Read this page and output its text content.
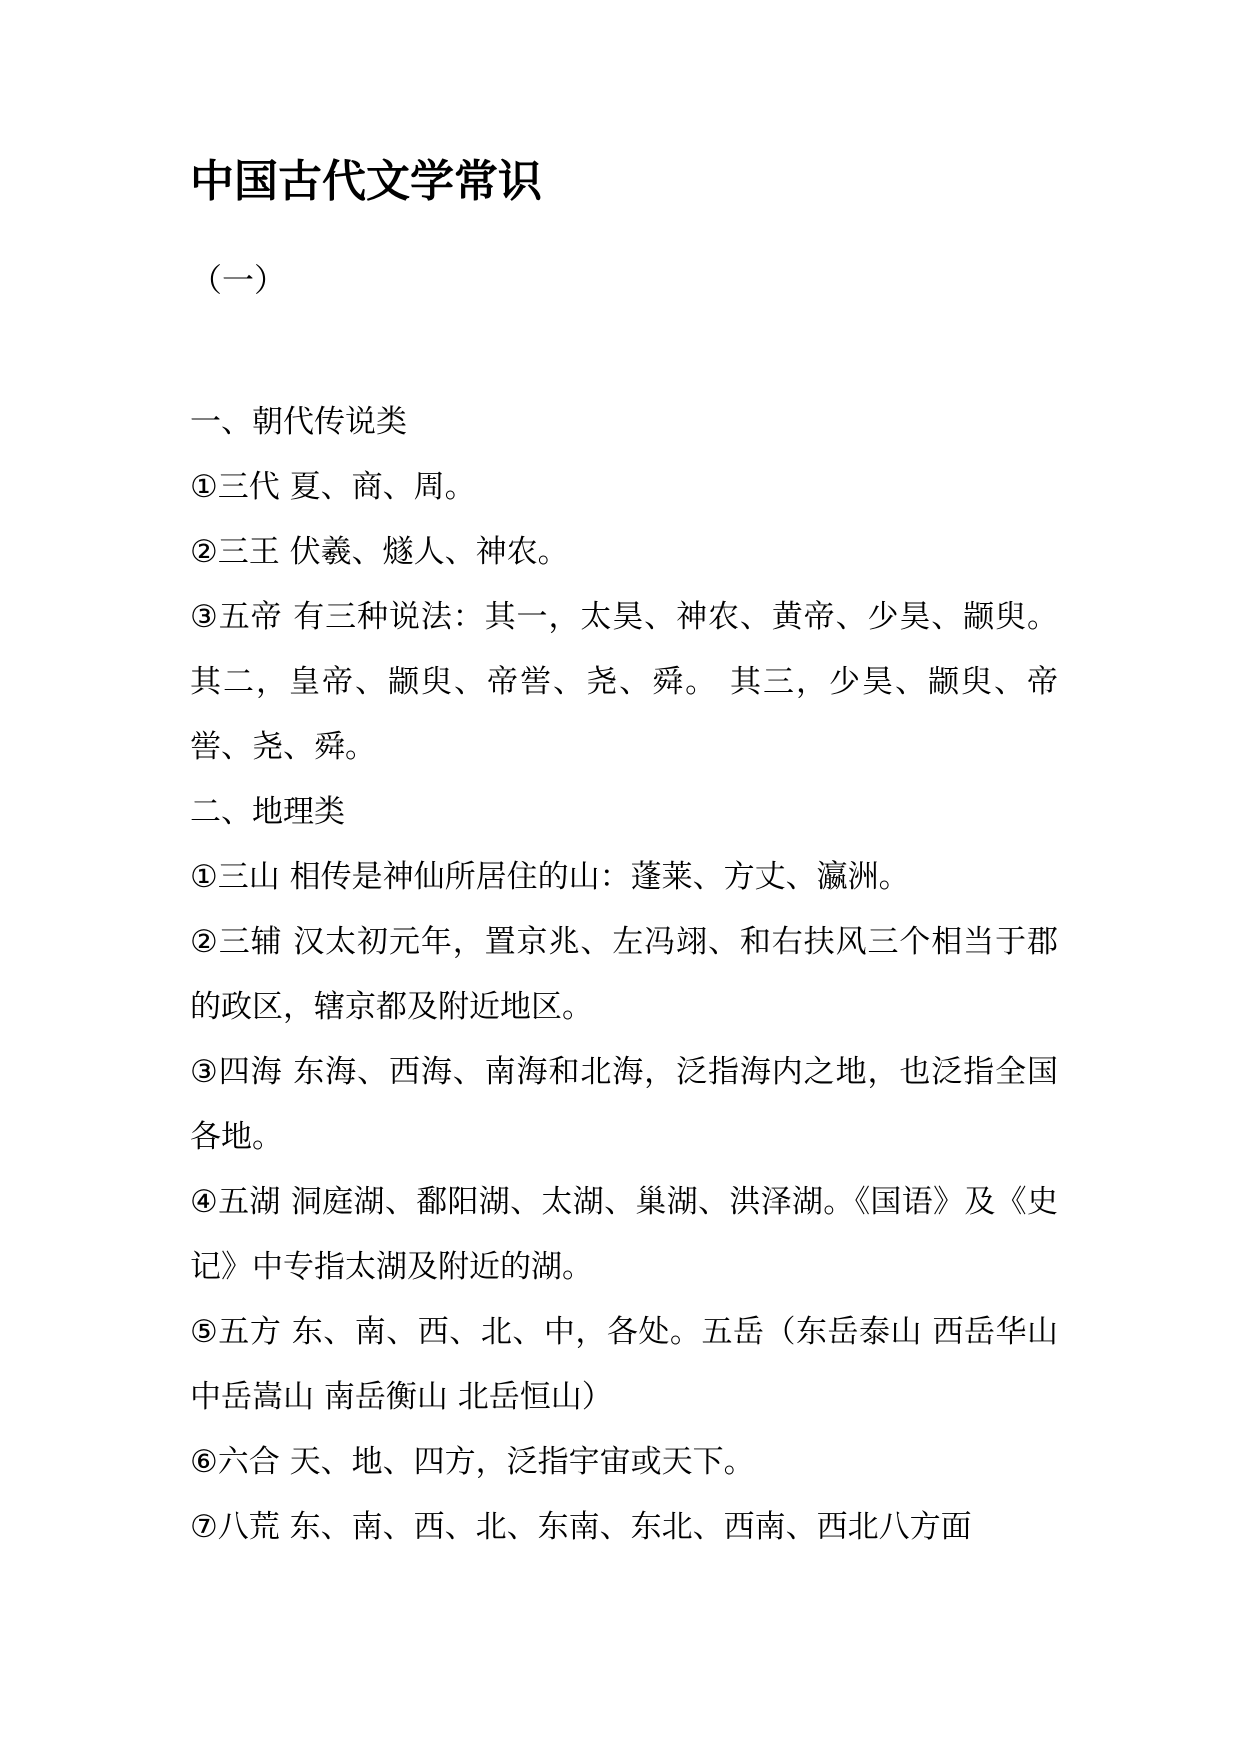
中国古代文学常识
（一）

一、朝代传说类

①三代 夏、商、周。

②三王 伏羲、燧人、神农。

③五帝 有三种说法：其一，太昊、神农、黄帝、少昊、颛臾。 其二，皇帝、颛臾、帝喾、尧、舜。 其三，少昊、颛臾、帝喾、尧、舜。

二、地理类

①三山 相传是神仙所居住的山：蓬莱、方丈、瀛洲。

②三辅 汉太初元年，置京兆、左冯翊、和右扶风三个相当于郡的政区，辖京都及附近地区。

③四海 东海、西海、南海和北海，泛指海内之地，也泛指全国各地。

④五湖 洞庭湖、鄱阳湖、太湖、巢湖、洪泽湖。《国语》及《史记》中专指太湖及附近的湖。

⑤五方 东、南、西、北、中，各处。五岳（东岳泰山 西岳华山 中岳嵩山 南岳衡山 北岳恒山）

⑥六合 天、地、四方，泛指宇宙或天下。

⑦八荒 东、南、西、北、东南、东北、西南、西北八方面
